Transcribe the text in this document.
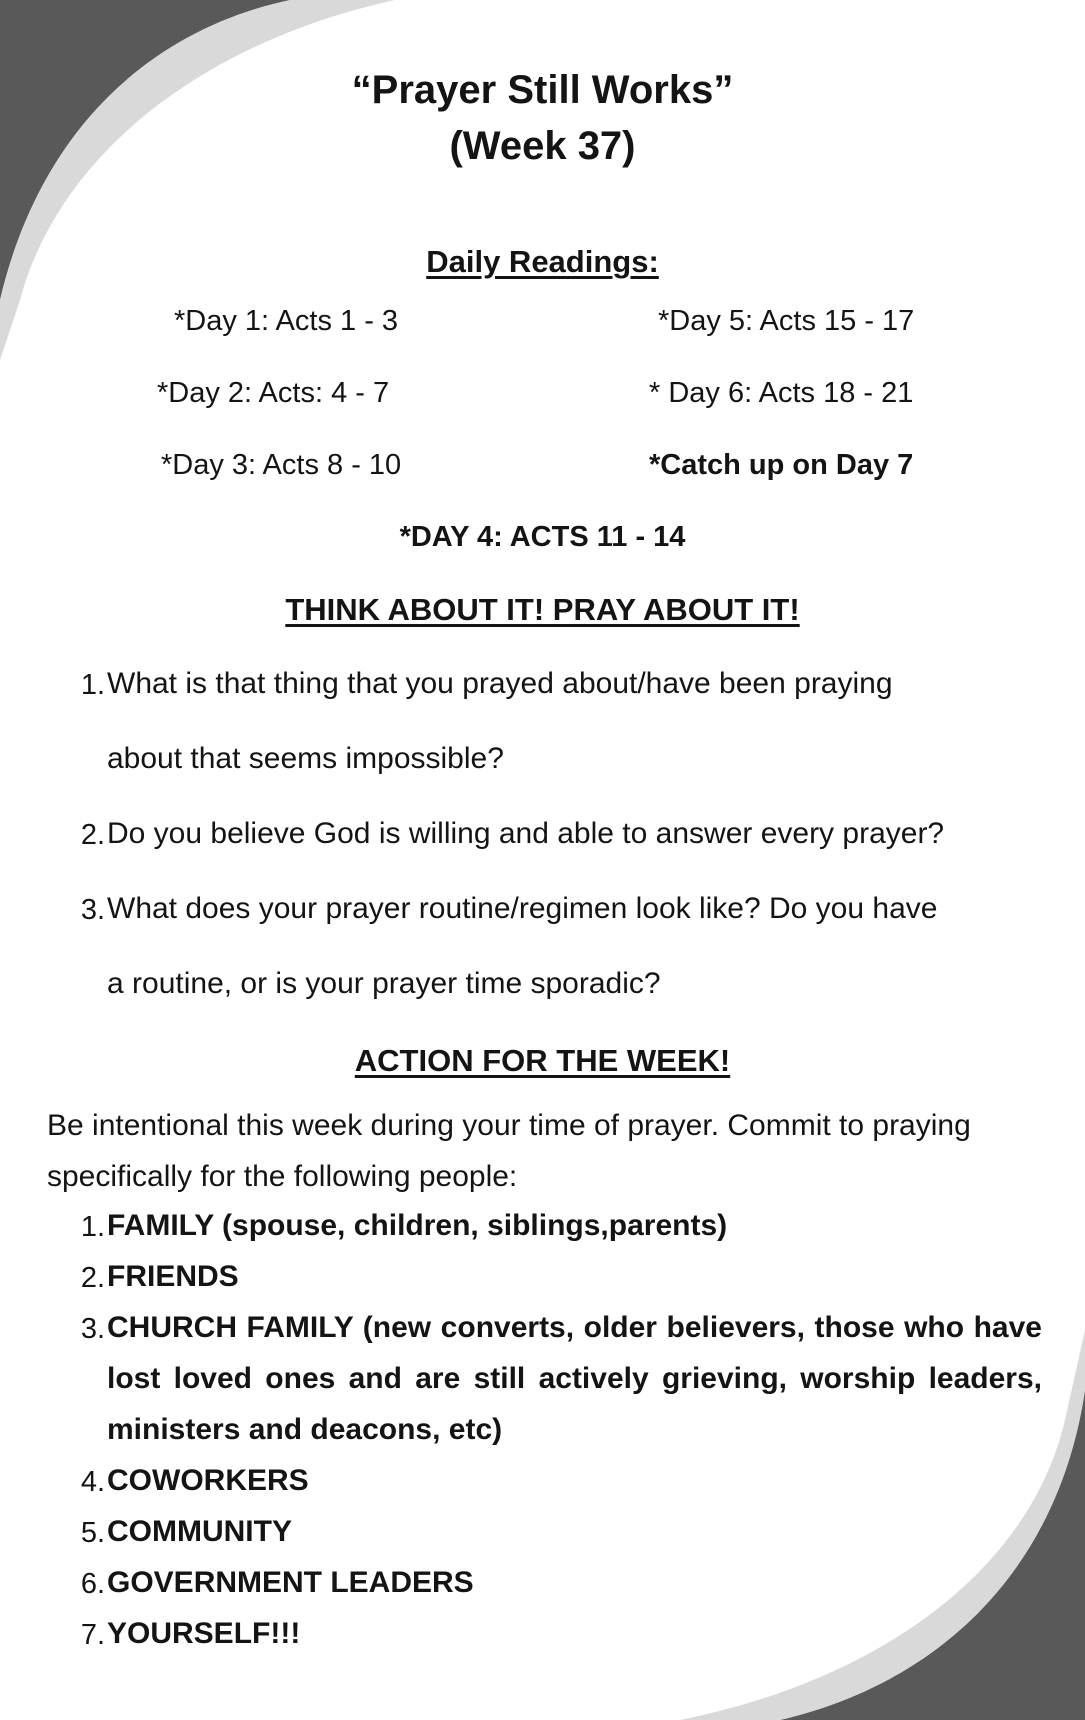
“Prayer Still Works”
(Week 37)
Daily Readings:
*Day 1: Acts 1 - 3
*Day 2: Acts: 4 - 7
*Day 3: Acts 8 - 10
*Day 5: Acts 15 - 17
* Day 6: Acts 18 - 21
*Catch up on Day 7
*DAY 4: ACTS 11 - 14
THINK ABOUT IT! PRAY ABOUT IT!
1. What is that thing that you prayed about/have been praying
about that seems impossible?
2. Do you believe God is willing and able to answer every prayer?
3. What does your prayer routine/regimen look like? Do you have
a routine, or is your prayer time sporadic?
ACTION FOR THE WEEK!
Be intentional this week during your time of prayer. Commit to praying specifically for the following people:
1. FAMILY (spouse, children, siblings,parents)
2. FRIENDS
3. CHURCH FAMILY (new converts, older believers, those who have lost loved ones and are still actively grieving, worship leaders, ministers and deacons, etc)
4. COWORKERS
5. COMMUNITY
6. GOVERNMENT LEADERS
7. YOURSELF!!!
